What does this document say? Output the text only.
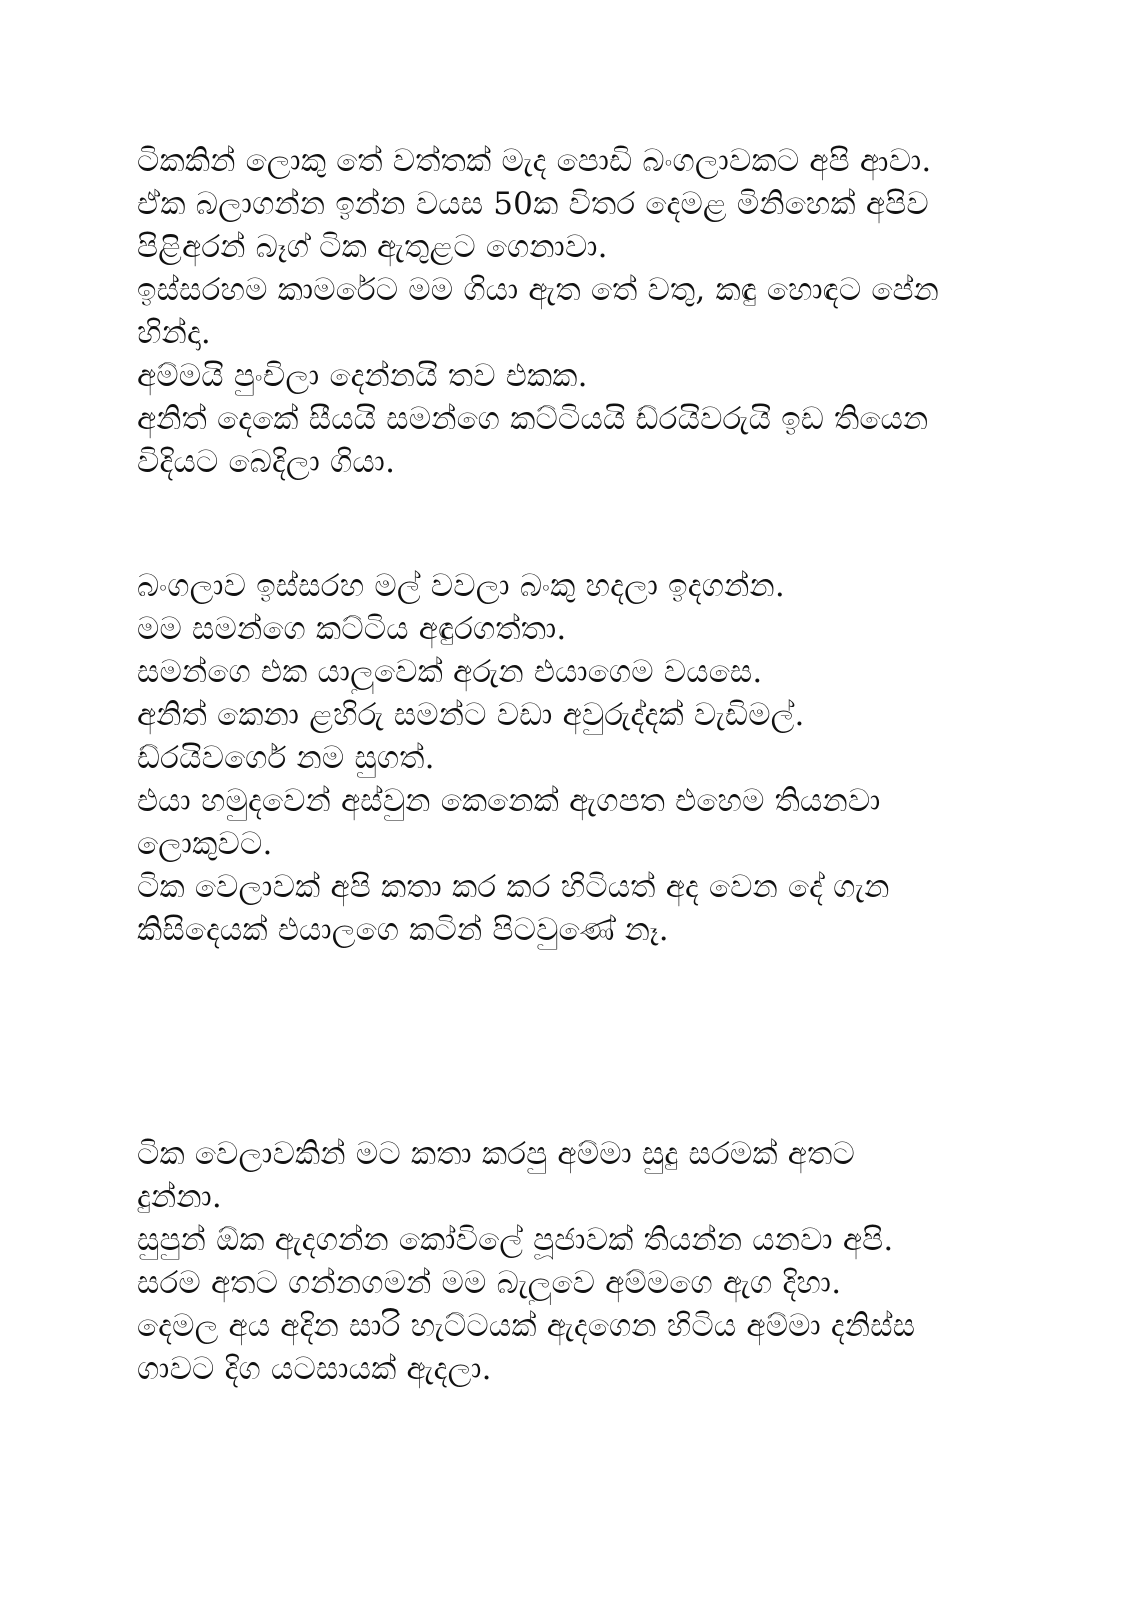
ටිකකින් ලොකු තේ වත්තක් මැද පොඩි බංගලාවකට අපි ආවා.
ඒක බලාගන්න ඉන්න වයස 50ක විතර දෙමළ මිනිහෙක් අපිව
පිළිඅරන් බෑග් ටික ඇතුළට ගෙනාවා.
ඉස්සරහම කාමරේට මම ගියා ඇත තේ වතු, කඳු හොඳට පේන
හින්දා.
අම්මයි පුංචිලා දෙන්නයි තව එකක.
අනිත් දෙකේ සීයයි සමන්ගෙ කට්ටියයි ඩ්රයිවරුයි ඉඩ තියෙන
විදියට බෙදිලා ගියා.
බංගලාව ඉස්සරහ මල් වවලා බංකු හදලා ඉදගන්න.
මම සමන්ගෙ කට්ටිය අඳුරගත්තා.
සමන්ගෙ එක යාලුවෙක් අරුන එයාගෙම වයසෙ.
අනිත් කෙනා ළහිරු සමන්ට වඩා අවුරුද්දක් වැඩිමල්.
ඩ්රයිවගෙර් නම සුගත්.
එයා හමුදවෙන් අස්වුන කෙනෙක් ඇගපත එහෙම තියනවා
ලොකුවට.
ටික වෙලාවක් අපි කතා කර කර හිටියත් අද වෙන දේ ගැන
කිසිදෙයක් එයාලගෙ කටින් පිටවුණේ නෑ.
ටික වෙලාවකින් මට කතා කරපු අම්මා සුදු සරමක් අතට
දුන්නා.
සුපුන් ඕක ඇදගන්න කෝවිලේ පූජාවක් තියන්න යනවා අපි.
සරම අතට ගන්නගමන් මම බැලුවෙ අම්මගෙ ඇග දිහා.
දෙමල අය අදින සාරි හැට්ටයක් ඇදගෙන හිටිය අම්මා දනිස්ස
ගාවට දිග යටසායක් ඇදලා.
